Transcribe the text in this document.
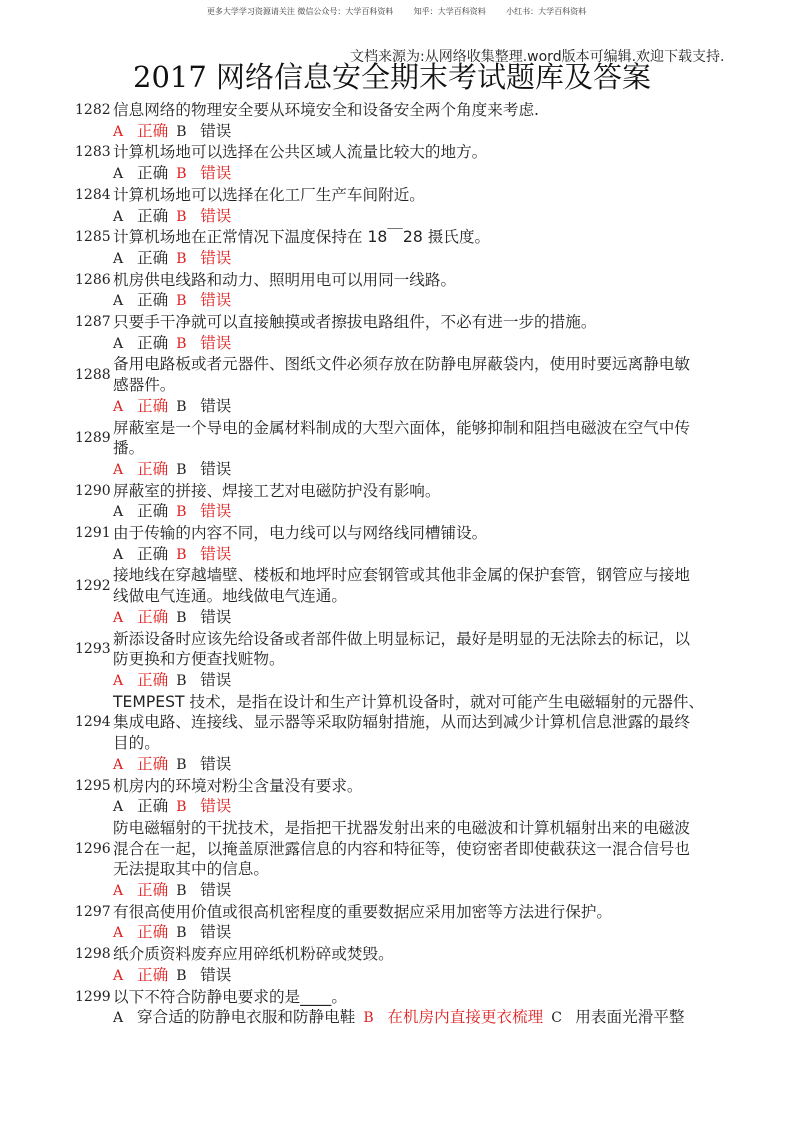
更多大学学习资源请关注 微信公众号：大学百科资料        知乎：大学百科资料        小红书：大学百科资料
文档来源为:从网络收集整理.word版本可编辑.欢迎下载支持.
2017 网络信息安全期末考试题库及答案
1282 信息网络的物理安全要从环境安全和设备安全两个角度来考虑.
A 正确 B 错误
1283 计算机场地可以选择在公共区域人流量比较大的地方。
A 正确 B 错误
1284 计算机场地可以选择在化工厂生产车间附近。
A 正确 B 错误
1285 计算机场地在正常情况下温度保持在 18￣28 摄氏度。
A 正确 B 错误
1286 机房供电线路和动力、照明用电可以用同一线路。
A 正确 B 错误
1287 只要手干净就可以直接触摸或者擦拔电路组件，不必有进一步的措施。
A 正确 B 错误
1288
备用电路板或者元器件、图纸文件必须存放在防静电屏蔽袋内，使用时要远离静电敏
感器件。
A 正确 B 错误
1289
屏蔽室是一个导电的金属材料制成的大型六面体，能够抑制和阻挡电磁波在空气中传
播。
A 正确 B 错误
1290 屏蔽室的拼接、焊接工艺对电磁防护没有影响。
A 正确 B 错误
1291 由于传输的内容不同，电力线可以与网络线同槽铺设。
A 正确 B 错误
1292
接地线在穿越墙壁、楼板和地坪时应套钢管或其他非金属的保护套管，钢管应与接地
线做电气连通。地线做电气连通。
A 正确 B 错误
1293
新添设备时应该先给设备或者部件做上明显标记，最好是明显的无法除去的标记，以
防更换和方便查找赃物。
A 正确 B 错误
1294
TEMPEST 技术，是指在设计和生产计算机设备时，就对可能产生电磁辐射的元器件、
集成电路、连接线、显示器等采取防辐射措施，从而达到减少计算机信息泄露的最终
目的。
A 正确 B 错误
1295 机房内的环境对粉尘含量没有要求。
A 正确 B 错误
1296
防电磁辐射的干扰技术，是指把干扰器发射出来的电磁波和计算机辐射出来的电磁波
混合在一起，以掩盖原泄露信息的内容和特征等，使窃密者即使截获这一混合信号也
无法提取其中的信息。
A 正确 B 错误
1297 有很高使用价值或很高机密程度的重要数据应采用加密等方法进行保护。
A 正确 B 错误
1298 纸介质资料废弃应用碎纸机粉碎或焚毁。
A 正确 B 错误
1299 以下不符合防静电要求的是____。
A 穿合适的防静电衣服和防静电鞋 B 在机房内直接更衣梳理 C 用表面光滑平整
